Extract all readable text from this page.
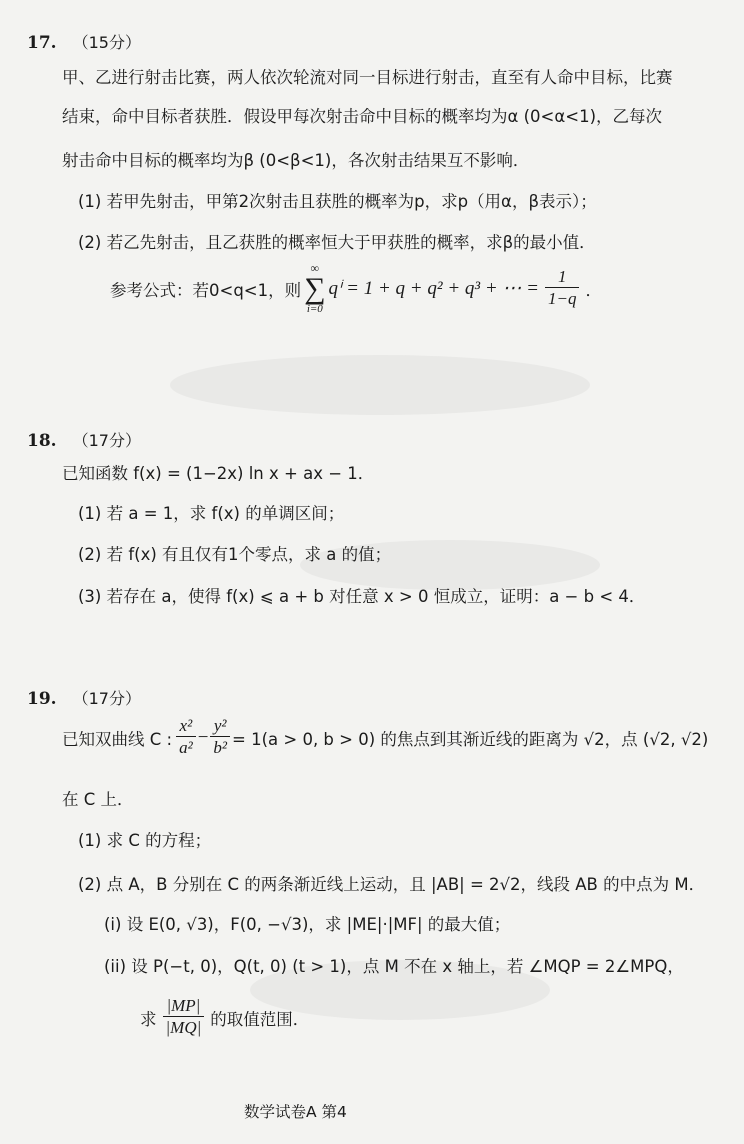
17. （15分）
甲、乙进行射击比赛，两人依次轮流对同一目标进行射击，直至有人命中目标，比赛
结束，命中目标者获胜．假设甲每次射击命中目标的概率均为α (0<α<1)，乙每次
射击命中目标的概率均为β (0<β<1)，各次射击结果互不影响．
(1) 若甲先射击，甲第2次射击且获胜的概率为p，求p（用α，β表示）；
(2) 若乙先射击，且乙获胜的概率恒大于甲获胜的概率，求β的最小值．
参考公式：若0<q<1，则
∞
∑
i=0
qⁱ = 1 + q + q² + q³ + ⋯ = $\frac{1}{1-q}$ ．
18. （17分）
已知函数 f(x) = (1−2x) ln x + ax − 1．
(1) 若 a = 1，求 f(x) 的单调区间；
(2) 若 f(x) 有且仅有1个零点，求 a 的值；
(3) 若存在 a，使得 f(x) ⩽ a + b 对任意 x > 0 恒成立，证明：a − b < 4．
19. （17分）
已知双曲线 C : $\frac{\text{x²}}{\text{a²}} - \frac{\text{y²}}{\text{b²}} = 1(a > 0$, b > 0) 的焦点到其渐近线的距离为 √2，点 (√2, √2)
在 C 上．
(1) 求 C 的方程；
(2) 点 A，B 分别在 C 的两条渐近线上运动，且 |AB| = 2√2，线段 AB 的中点为 M．
(i) 设 E(0, √3)，F(0, −√3)，求 |ME|·|MF| 的最大值；
(ii) 设 P(−t, 0)，Q(t, 0) (t > 1)，点 M 不在 x 轴上，若 ∠MQP = 2∠MPQ，
求 $\frac{|MP|}{|MQ|}$ 的取值范围．
数学试卷A 第4
